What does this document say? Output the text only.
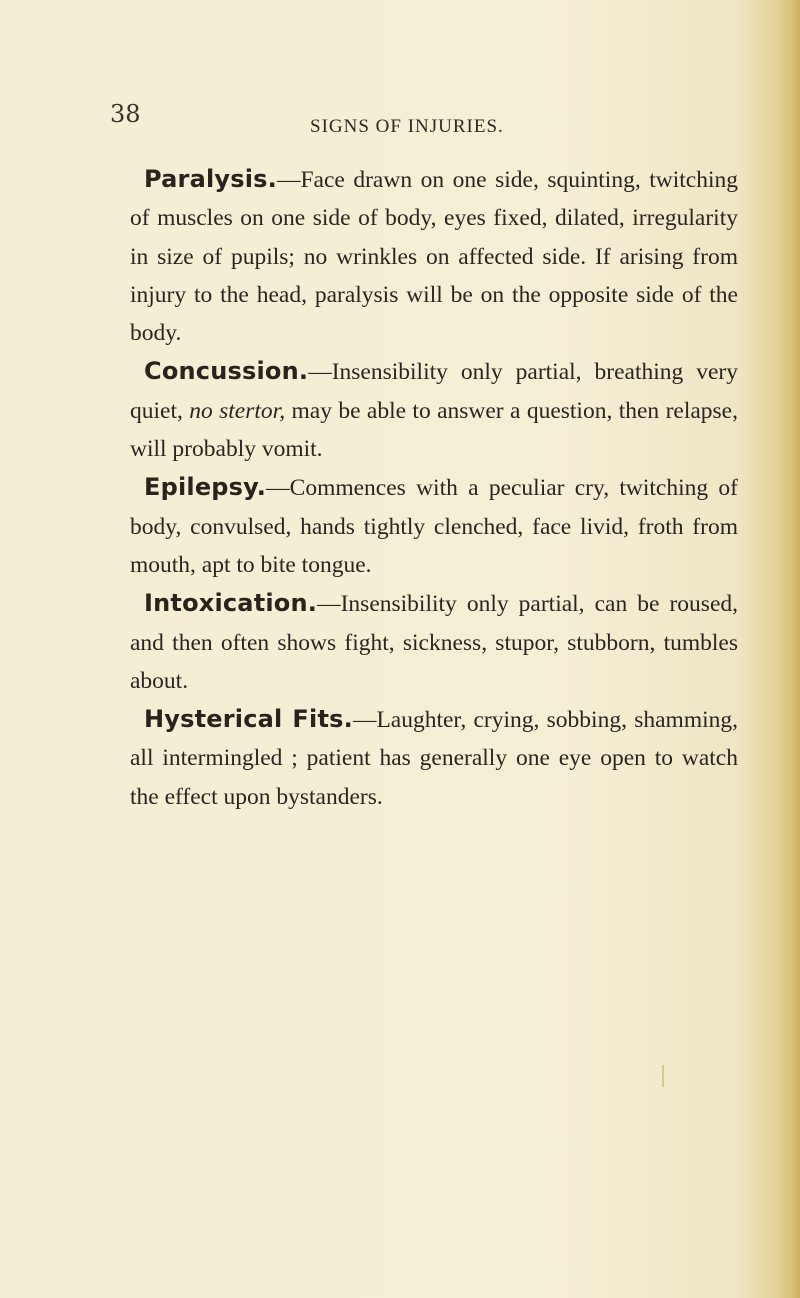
38	SIGNS OF INJURIES.

Paralysis.—Face drawn on one side, squinting, twitching of muscles on one side of body, eyes fixed, dilated, irregularity in size of pupils; no wrinkles on affected side. If arising from injury to the head, paralysis will be on the opposite side of the body.

Concussion.—Insensibility only partial, breathing very quiet, no stertor, may be able to answer a question, then relapse, will probably vomit.

Epilepsy.—Commences with a peculiar cry, twitching of body, convulsed, hands tightly clenched, face livid, froth from mouth, apt to bite tongue.

Intoxication.—Insensibility only partial, can be roused, and then often shows fight, sickness, stupor, stubborn, tumbles about.

Hysterical Fits.—Laughter, crying, sobbing, shamming, all intermingled ; patient has generally one eye open to watch the effect upon bystanders.
